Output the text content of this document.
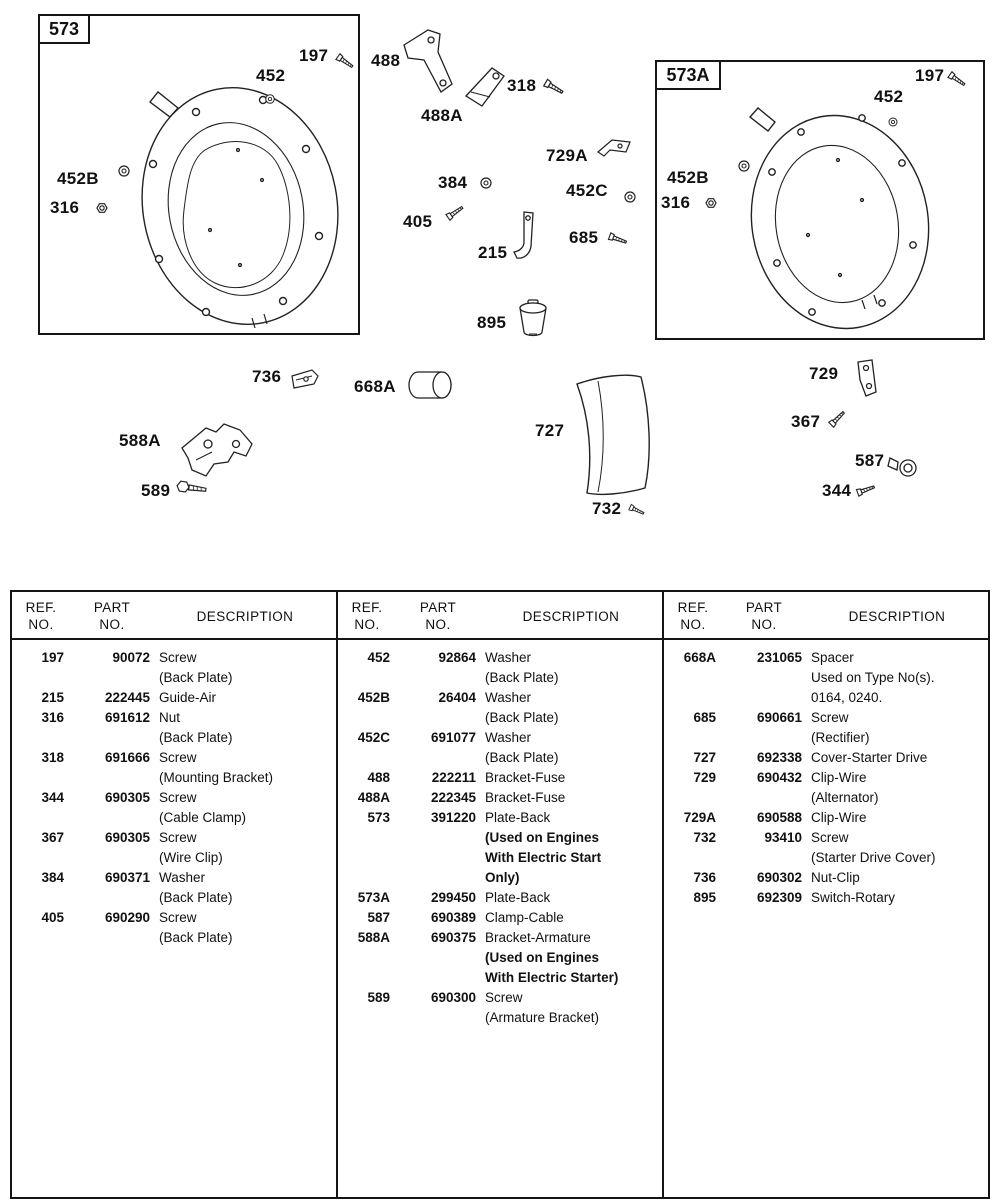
573
573A
197
452
452B
316
488
488A
318
729A
384	452C
405
215
685
895
197
452
452B
316
736
668A
588A
589
727
732
729
367
587
344
REF.
NO.
PART
NO.
DESCRIPTION
197	90072 Screw
(Back Plate)
215	222445 Guide-Air
316	691612 Nut
(Back Plate)
318	691666 Screw
(Mounting Bracket)
344	690305 Screw
(Cable Clamp)
367	690305 Screw
(Wire Clip)
384	690371 Washer
(Back Plate)
405	690290 Screw
(Back Plate)
REF.
NO.
PART
NO.
DESCRIPTION
452	92864 Washer
(Back Plate)
452B	26404 Washer
(Back Plate)
452C	691077 Washer
(Back Plate)
488	222211 Bracket-Fuse
488A	222345 Bracket-Fuse
573	391220 Plate-Back
(Used on Engines
With Electric Start
Only)
573A	299450 Plate-Back
587	690389 Clamp-Cable
588A	690375 Bracket-Armature
(Used on Engines
With Electric Starter)
589	690300 Screw
(Armature Bracket)
REF.
NO.
PART
NO.
DESCRIPTION
668A	231065 Spacer
Used on Type No(s).
0164, 0240.
685	690661 Screw
(Rectifier)
727	692338 Cover-Starter Drive
729	690432 Clip-Wire
(Alternator)
729A	690588 Clip-Wire
732	93410 Screw
(Starter Drive Cover)
736	690302 Nut-Clip
895	692309 Switch-Rotary
